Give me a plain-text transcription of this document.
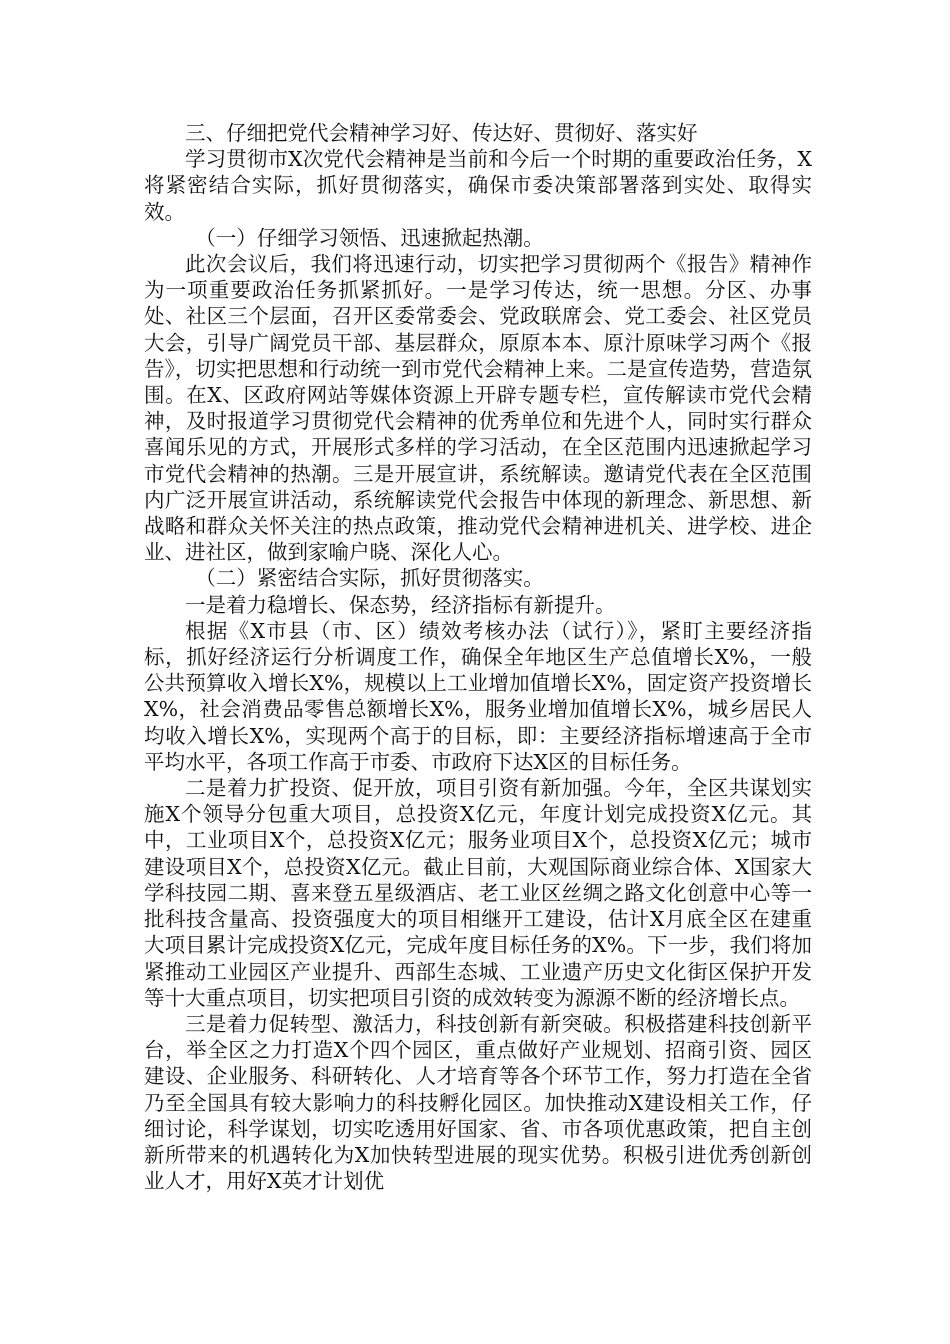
三、仔细把党代会精神学习好、传达好、贯彻好、落实好

学习贯彻市X次党代会精神是当前和今后一个时期的重要政治任务，X将紧密结合实际，抓好贯彻落实，确保市委决策部署落到实处、取得实效。

（一）仔细学习领悟、迅速掀起热潮。

此次会议后，我们将迅速行动，切实把学习贯彻两个《报告》精神作为一项重要政治任务抓紧抓好。一是学习传达，统一思想。分区、办事处、社区三个层面，召开区委常委会、党政联席会、党工委会、社区党员大会，引导广阔党员干部、基层群众，原原本本、原汁原味学习两个《报告》，切实把思想和行动统一到市党代会精神上来。二是宣传造势，营造氛围。在X、区政府网站等媒体资源上开辟专题专栏，宣传解读市党代会精神，及时报道学习贯彻党代会精神的优秀单位和先进个人，同时实行群众喜闻乐见的方式，开展形式多样的学习活动，在全区范围内迅速掀起学习市党代会精神的热潮。三是开展宣讲，系统解读。邀请党代表在全区范围内广泛开展宣讲活动，系统解读党代会报告中体现的新理念、新思想、新战略和群众关怀关注的热点政策，推动党代会精神进机关、进学校、进企业、进社区，做到家喻户晓、深化人心。

（二）紧密结合实际，抓好贯彻落实。

一是着力稳增长、保态势，经济指标有新提升。

根据《X市县（市、区）绩效考核办法（试行）》，紧盯主要经济指标，抓好经济运行分析调度工作，确保全年地区生产总值增长X%，一般公共预算收入增长X%，规模以上工业增加值增长X%，固定资产投资增长X%，社会消费品零售总额增长X%，服务业增加值增长X%，城乡居民人均收入增长X%，实现两个高于的目标，即：主要经济指标增速高于全市平均水平，各项工作高于市委、市政府下达X区的目标任务。

二是着力扩投资、促开放，项目引资有新加强。今年，全区共谋划实施X个领导分包重大项目，总投资X亿元，年度计划完成投资X亿元。其中，工业项目X个，总投资X亿元；服务业项目X个，总投资X亿元；城市建设项目X个，总投资X亿元。截止目前，大观国际商业综合体、X国家大学科技园二期、喜来登五星级酒店、老工业区丝绸之路文化创意中心等一批科技含量高、投资强度大的项目相继开工建设，估计X月底全区在建重大项目累计完成投资X亿元，完成年度目标任务的X%。下一步，我们将加紧推动工业园区产业提升、西部生态城、工业遗产历史文化街区保护开发等十大重点项目，切实把项目引资的成效转变为源源不断的经济增长点。

三是着力促转型、激活力，科技创新有新突破。积极搭建科技创新平台，举全区之力打造X个四个园区，重点做好产业规划、招商引资、园区建设、企业服务、科研转化、人才培育等各个环节工作，努力打造在全省乃至全国具有较大影响力的科技孵化园区。加快推动X建设相关工作，仔细讨论，科学谋划，切实吃透用好国家、省、市各项优惠政策，把自主创新所带来的机遇转化为X加快转型进展的现实优势。积极引进优秀创新创业人才，用好X英才计划优
